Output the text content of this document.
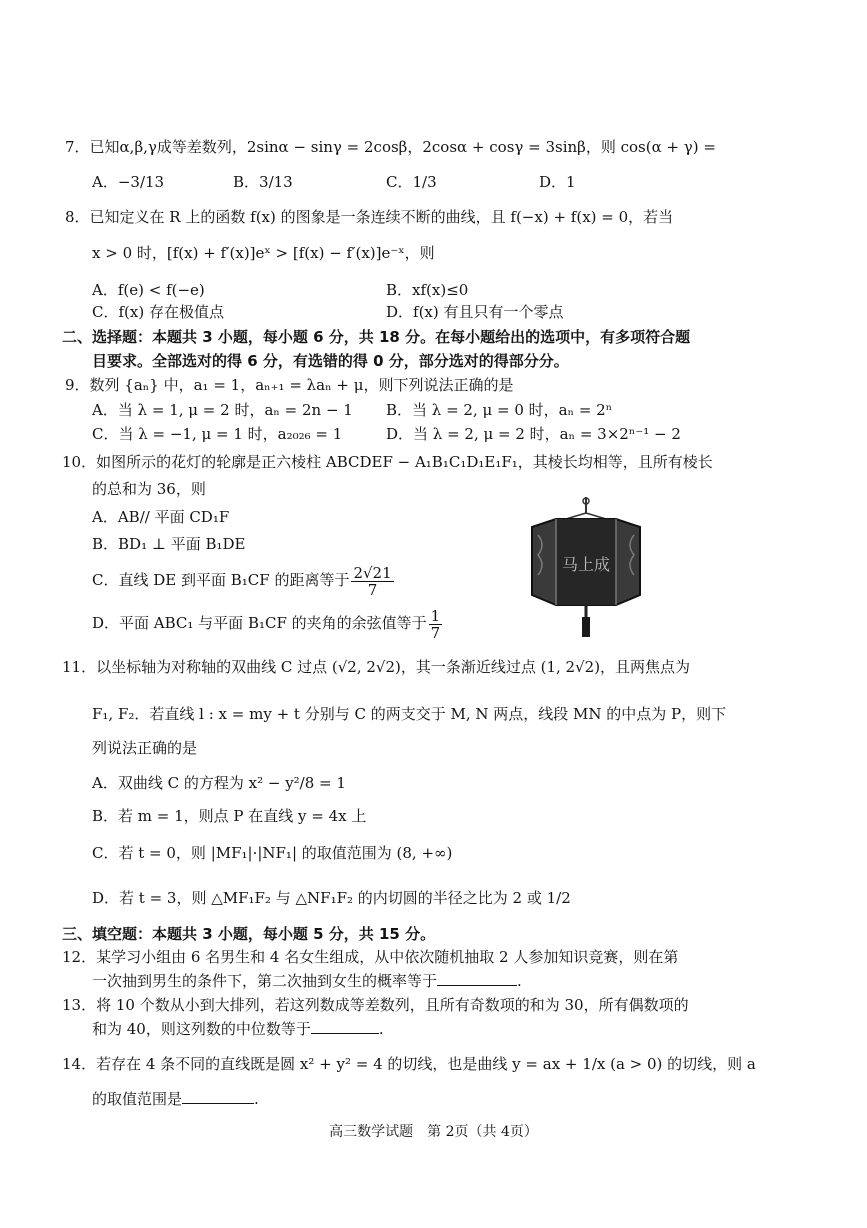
7．已知α,β,γ成等差数列，2sinα − sinγ = 2cosβ，2cosα + cosγ = 3sinβ，则 cos(α + γ) =
A．−3/13	B．3/13	C．1/3	D．1
8．已知定义在 R 上的函数 f(x) 的图象是一条连续不断的曲线，且 f(−x) + f(x) = 0，若当
x > 0 时，[f(x) + f′(x)]eˣ > [f(x) − f′(x)]e⁻ˣ，则
A．f(e) < f(−e)	B．xf(x)≤0
C．f(x) 存在极值点	D．f(x) 有且只有一个零点
二、选择题：本题共 3 小题，每小题 6 分，共 18 分。在每小题给出的选项中，有多项符合题
目要求。全部选对的得 6 分，有选错的得 0 分，部分选对的得部分分。
9．数列 {aₙ} 中，a₁ = 1，aₙ₊₁ = λaₙ + μ，则下列说法正确的是
A．当 λ = 1, μ = 2 时，aₙ = 2n − 1 B．当 λ = 2, μ = 0 时，aₙ = 2ⁿ
C．当 λ = −1, μ = 1 时，a₂₀₂₆ = 1	D．当 λ = 2, μ = 2 时，aₙ = 3×2ⁿ⁻¹ − 2
10．如图所示的花灯的轮廓是正六棱柱 ABCDEF − A₁B₁C₁D₁E₁F₁，其棱长均相等，且所有棱长
的总和为 36，则
A．AB// 平面 CD₁F
B．BD₁ ⊥ 平面 B₁DE
C．直线 DE 到平面 B₁CF 的距离等于 $\frac{2√21}{7}$
D．平面 ABC₁ 与平面 B₁CF 的夹角的余弦值等于 $\frac{1}{7}$
马上成
11．以坐标轴为对称轴的双曲线 C 过点 (√2, 2√2)，其一条渐近线过点 (1, 2√2)，且两焦点为
F₁, F₂．若直线 l : x = my + t 分别与 C 的两支交于 M, N 两点，线段 MN 的中点为 P，则下
列说法正确的是
A．双曲线 C 的方程为 x² − y²/8 = 1
B．若 m = 1，则点 P 在直线 y = 4x 上
C．若 t = 0，则 |MF₁|·|NF₁| 的取值范围为 (8, +∞)
D．若 t = 3，则 △MF₁F₂ 与 △NF₁F₂ 的内切圆的半径之比为 2 或 1/2
三、填空题：本题共 3 小题，每小题 5 分，共 15 分。
12．某学习小组由 6 名男生和 4 名女生组成，从中依次随机抽取 2 人参加知识竞赛，则在第
一次抽到男生的条件下，第二次抽到女生的概率等于	.
13．将 10 个数从小到大排列，若这列数成等差数列，且所有奇数项的和为 30，所有偶数项的
和为 40，则这列数的中位数等于	.
14．若存在 4 条不同的直线既是圆 x² + y² = 4 的切线，也是曲线 y = ax + 1/x (a > 0) 的切线，则 a
的取值范围是	.
高三数学试题　第 2页（共 4页）
